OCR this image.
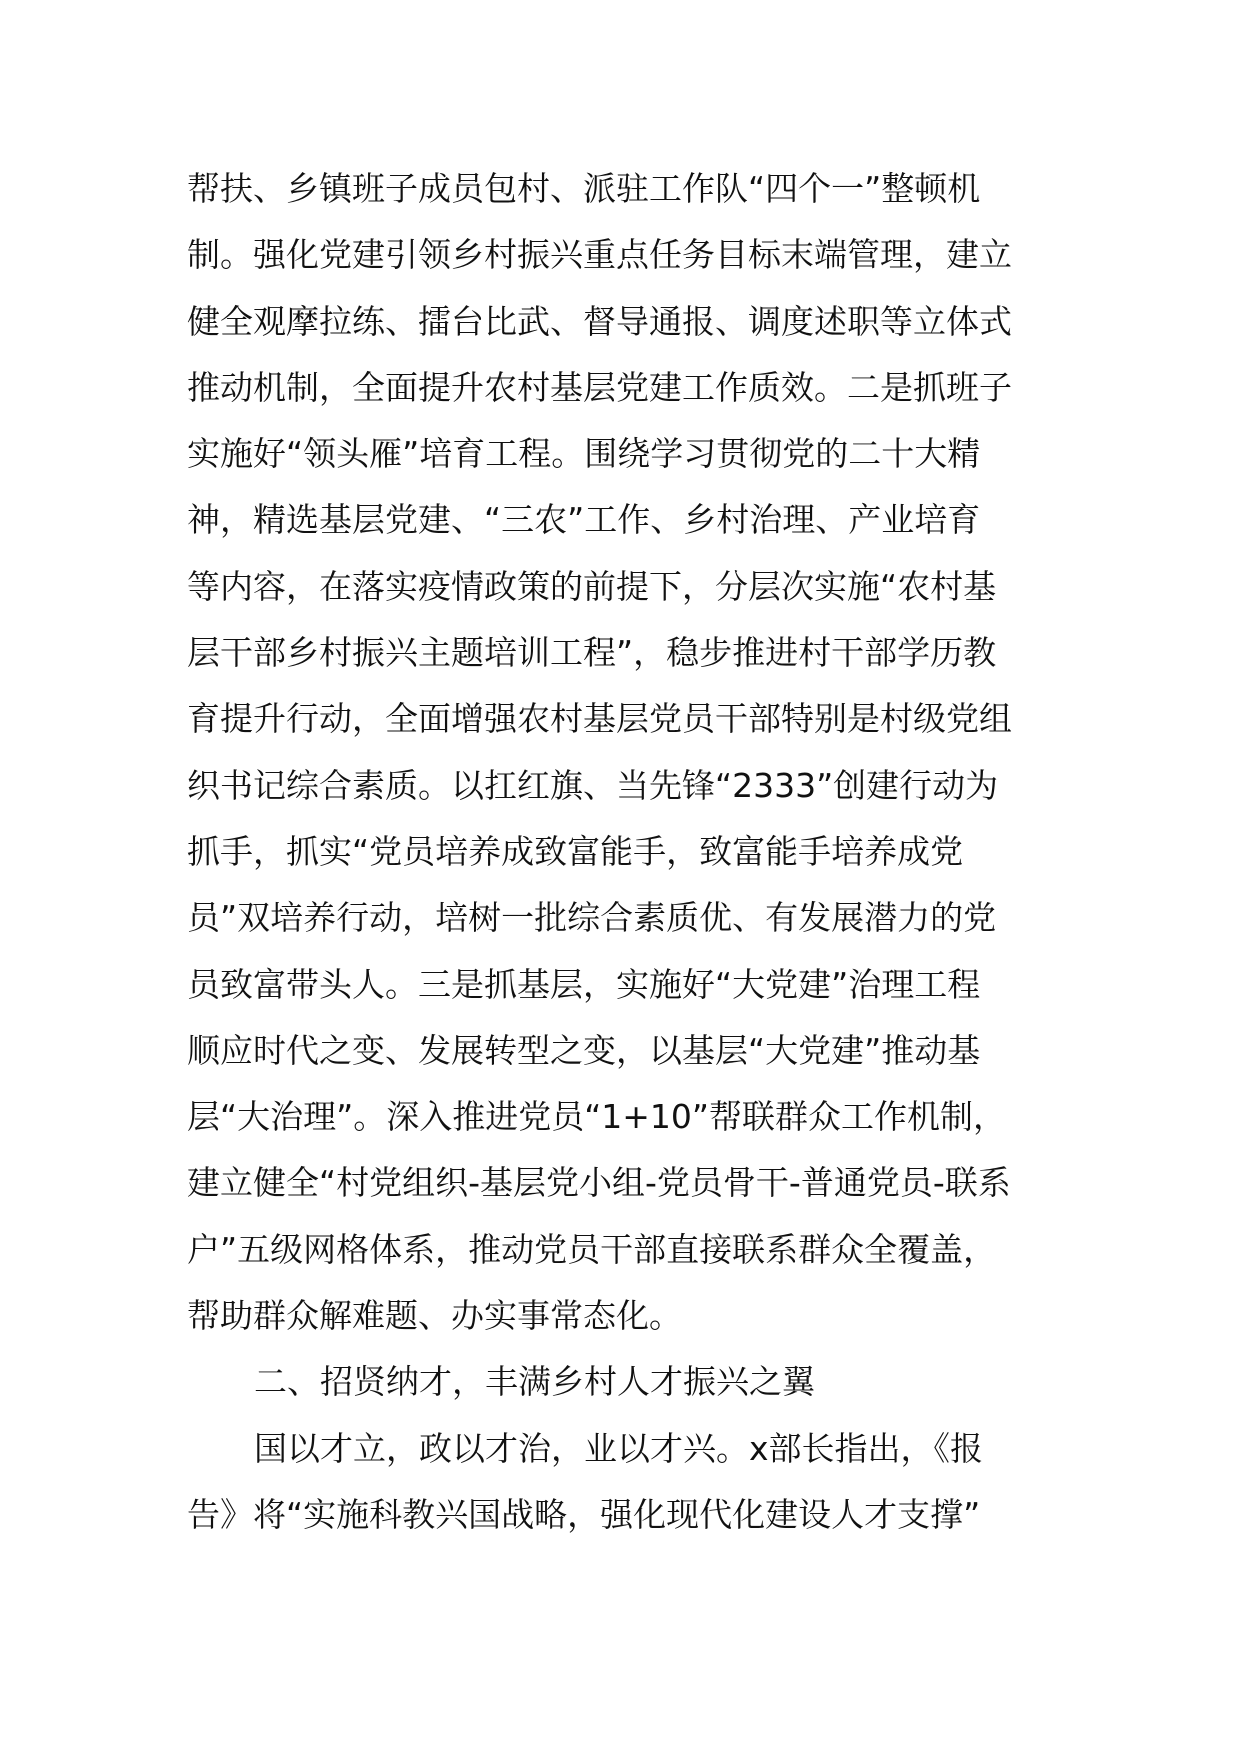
帮扶、乡镇班子成员包村、派驻工作队“四个一”整顿机
制。强化党建引领乡村振兴重点任务目标末端管理，建立
健全观摩拉练、擂台比武、督导通报、调度述职等立体式
推动机制，全面提升农村基层党建工作质效。二是抓班子
实施好“领头雁”培育工程。围绕学习贯彻党的二十大精
神，精选基层党建、“三农”工作、乡村治理、产业培育
等内容，在落实疫情政策的前提下，分层次实施“农村基
层干部乡村振兴主题培训工程”，稳步推进村干部学历教
育提升行动，全面增强农村基层党员干部特别是村级党组
织书记综合素质。以扛红旗、当先锋“2333”创建行动为
抓手，抓实“党员培养成致富能手，致富能手培养成党
员”双培养行动，培树一批综合素质优、有发展潜力的党
员致富带头人。三是抓基层，实施好“大党建”治理工程
顺应时代之变、发展转型之变，以基层“大党建”推动基
层“大治理”。深入推进党员“1+10”帮联群众工作机制，
建立健全“村党组织-基层党小组-党员骨干-普通党员-联系
户”五级网格体系，推动党员干部直接联系群众全覆盖，
帮助群众解难题、办实事常态化。
二、招贤纳才，丰满乡村人才振兴之翼
国以才立，政以才治，业以才兴。x部长指出，《报
告》将“实施科教兴国战略，强化现代化建设人才支撑”
